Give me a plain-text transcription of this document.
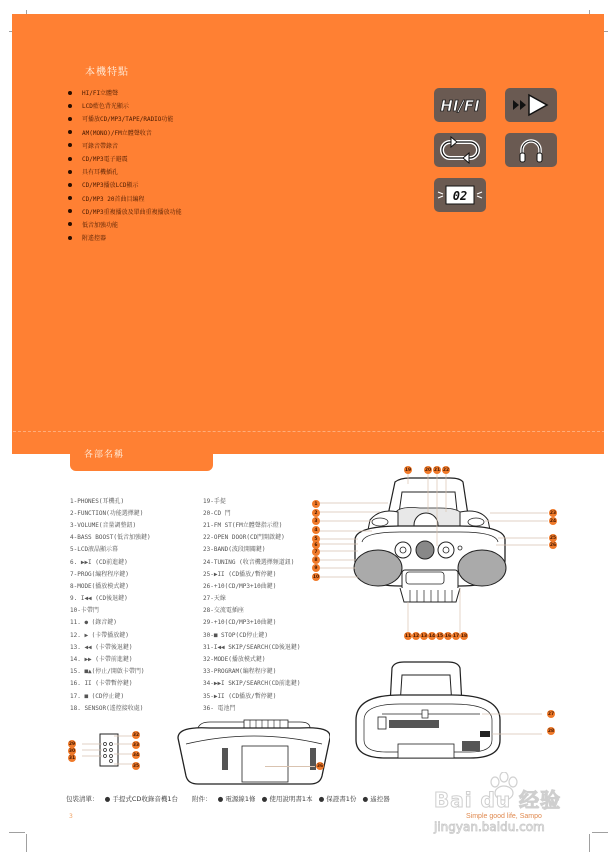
本機特點
HI/FI立體聲
LCD藍色背光顯示
可播放CD/MP3/TAPE/RADIO功能
AM(MONO)/FM立體聲收音
可錄音帶錄音
CD/MP3電子避震
具有耳機插孔
CD/MP3播放LCD顯示
CD/MP3 20首曲目編程
CD/MP3重複播放及單曲重複播放功能
低音加強功能
附遙控器
HI/FI
02
各部名稱
1-PHONES(耳機孔)
2-FUNCTION(功能選擇鍵)
3-VOLUME(音量調整鈕)
4-BASS BOOST(低音加強鍵)
5-LCD液晶顯示幕
6. ▶▶I (CD前進鍵)
7-PROG(編程程序鍵)
8-MODE(播放模式鍵)
9. I◀◀ (CD後退鍵)
10-卡帶門
11. ● (錄音鍵)
12. ▶ (卡帶播放鍵)
13. ◀◀ (卡帶後退鍵)
14. ▶▶ (卡帶前進鍵)
15. ■▲(停止/開啟卡帶門)
16. II (卡帶暫停鍵)
17. ■ (CD停止鍵)
18. SENSOR(遙控接收處)
19-手提
20-CD 門
21-FM ST(FM立體聲指示燈)
22-OPEN DOOR(CD門開啟鍵)
23-BAND(波段開關鍵)
24-TUNING (收音機選擇頻道鈕)
25-▶II (CD播放/暫停鍵)
26-+10(CD/MP3+10曲鍵)
27-天線
28-交流電插座
29-+10(CD/MP3+10曲鍵)
30-■ STOP(CD停止鍵)
31-I◀◀ SKIP/SEARCH(CD後退鍵)
32-MODE(播放模式鍵)
33-PROGRAM(編程程序鍵)
34-▶▶I SKIP/SEARCH(CD前進鍵)
35-▶II (CD播放/暫停鍵)
36- 電池門
1
2
3
4
5
6
7
8
9
10
19	20 21 22
23
24
25
26
11 12 13 14 15 16 17 18
27
28
29
30
31
32
33
34
35	36
包裝清單： ● 手提式CD收錄音機1台 附件： ● 電源線1條 ● 使用說明書1本 ● 保證書1份 ● 遙控器
3
Bai du 经验
Simple good life, Sampo
jingyan.baidu.com
